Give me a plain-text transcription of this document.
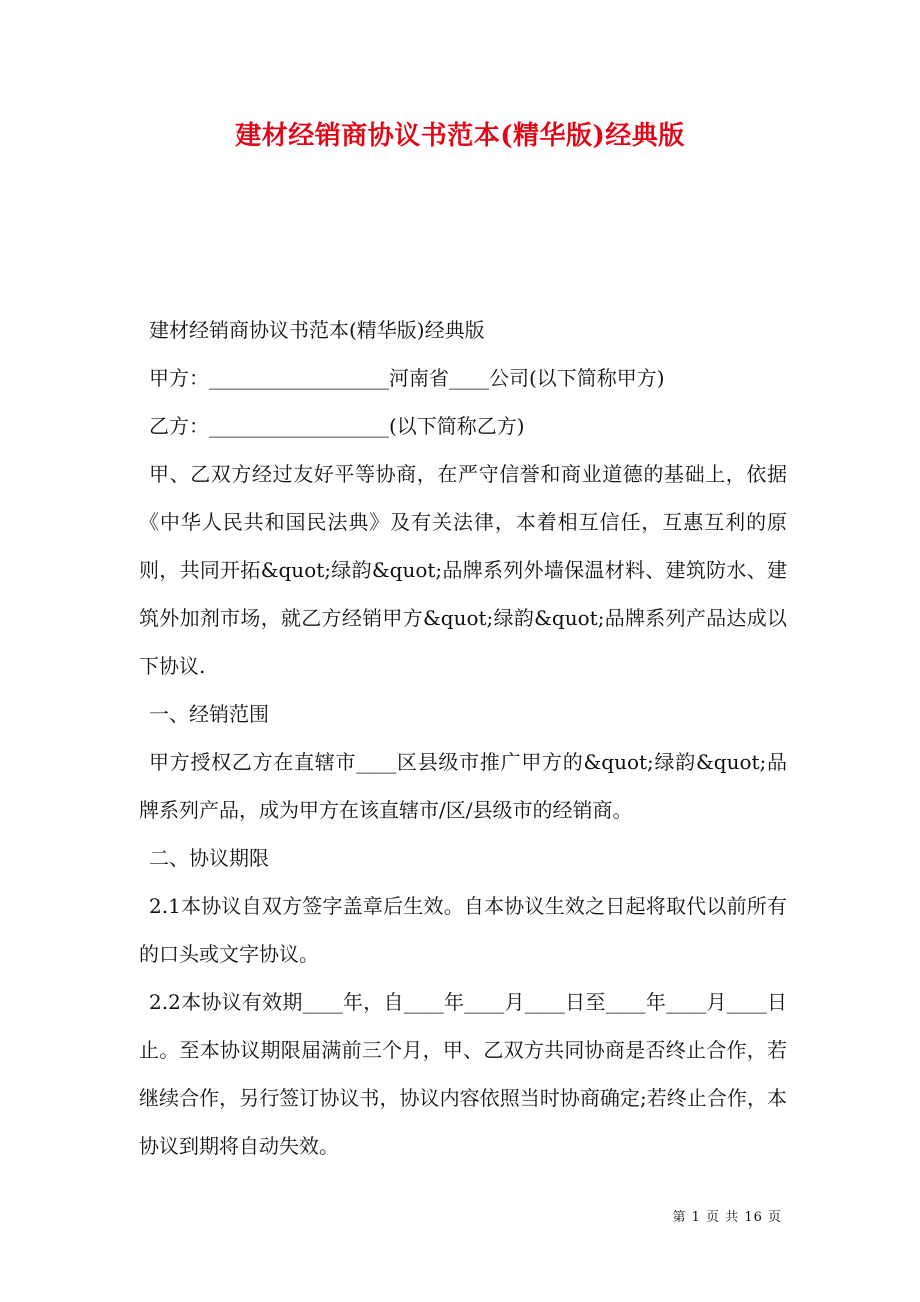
建材经销商协议书范本(精华版)经典版

建材经销商协议书范本(精华版)经典版

甲方：__________________河南省____公司(以下简称甲方)

乙方：__________________(以下简称乙方)

甲、乙双方经过友好平等协商，在严守信誉和商业道德的基础上，依据《中华人民共和国民法典》及有关法律，本着相互信任，互惠互利的原则，共同开拓&quot;绿韵&quot;品牌系列外墙保温材料、建筑防水、建筑外加剂市场，就乙方经销甲方&quot;绿韵&quot;品牌系列产品达成以下协议.

一、经销范围

甲方授权乙方在直辖市____区县级市推广甲方的&quot;绿韵&quot;品牌系列产品，成为甲方在该直辖市/区/县级市的经销商。

二、协议期限

2.1本协议自双方签字盖章后生效。自本协议生效之日起将取代以前所有的口头或文字协议。

2.2本协议有效期____年，自____年____月____日至____年____月____日止。至本协议期限届满前三个月，甲、乙双方共同协商是否终止合作，若继续合作，另行签订协议书，协议内容依照当时协商确定;若终止合作，本协议到期将自动失效。

第 1 页 共 16 页
